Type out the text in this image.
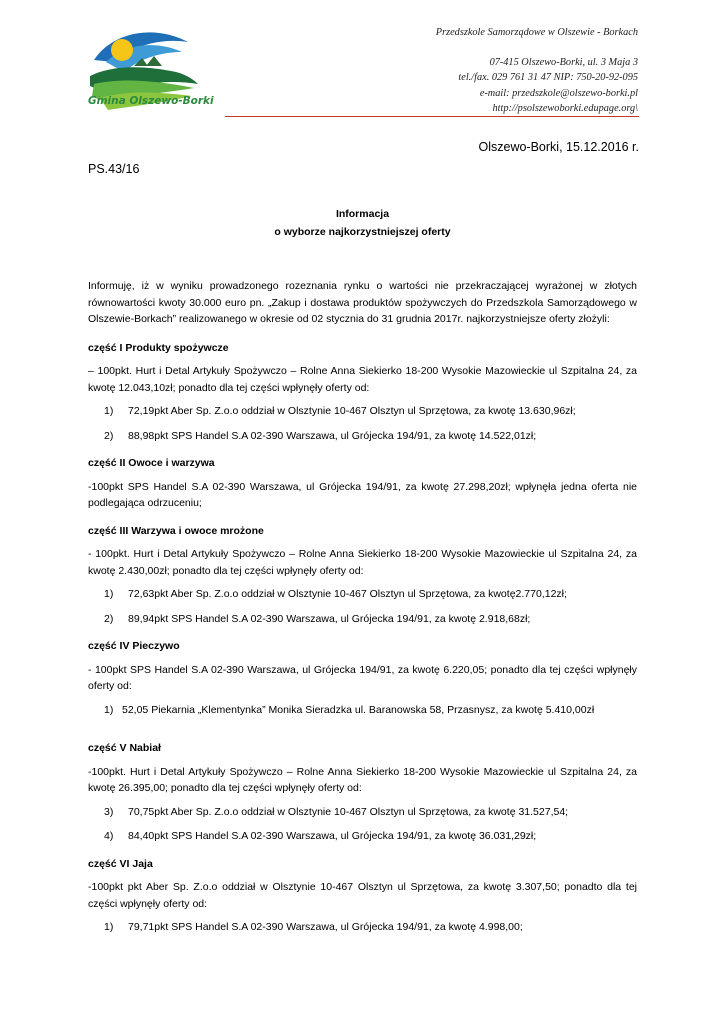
Gmina Olszewo-Borki
Przedszkole Samorządowe w Olszewie - Borkach
07-415 Olszewo-Borki, ul. 3 Maja 3
tel./fax. 029 761 31 47 NIP: 750-20-92-095
e-mail: przedszkole@olszewo-borki.pl
http://psolszewoborki.edupage.org\
Olszewo-Borki, 15.12.2016 r.
PS.43/16
Informacja
o wyborze najkorzystniejszej oferty

Informuję, iż w wyniku prowadzonego rozeznania rynku o wartości nie przekraczającej wyrażonej w złotych równowartości kwoty 30.000 euro pn. „Zakup i dostawa produktów spożywczych do Przedszkola Samorządowego w Olszewie-Borkach” realizowanego w okresie od 02 stycznia do 31 grudnia 2017r. najkorzystniejsze oferty złożyli:

część I Produkty spożywcze

– 100pkt. Hurt i Detal Artykuły Spożywczo – Rolne Anna Siekierko 18-200 Wysokie Mazowieckie ul Szpitalna 24, za kwotę 12.043,10zł; ponadto dla tej części wpłynęły oferty od:

1) 72,19pkt Aber Sp. Z.o.o oddział w Olsztynie 10-467 Olsztyn ul Sprzętowa, za kwotę 13.630,96zł;

2) 88,98pkt SPS Handel S.A 02-390 Warszawa, ul Grójecka 194/91, za kwotę 14.522,01zł;

część II Owoce i warzywa

-100pkt SPS Handel S.A 02-390 Warszawa, ul Grójecka 194/91, za kwotę 27.298,20zł; wpłynęła jedna oferta nie podlegająca odrzuceniu;

część III Warzywa i owoce mrożone

- 100pkt. Hurt i Detal Artykuły Spożywczo – Rolne Anna Siekierko 18-200 Wysokie Mazowieckie ul Szpitalna 24, za kwotę 2.430,00zł; ponadto dla tej części wpłynęły oferty od:

1) 72,63pkt Aber Sp. Z.o.o oddział w Olsztynie 10-467 Olsztyn ul Sprzętowa, za kwotę2.770,12zł;

2) 89,94pkt SPS Handel S.A 02-390 Warszawa, ul Grójecka 194/91, za kwotę 2.918,68zł;

część IV Pieczywo

- 100pkt SPS Handel S.A 02-390 Warszawa, ul Grójecka 194/91, za kwotę 6.220,05; ponadto dla tej części wpłynęły oferty od:

1) 52,05 Piekarnia „Klementynka” Monika Sieradzka ul. Baranowska 58, Przasnysz, za kwotę 5.410,00zł

część V Nabiał

-100pkt. Hurt i Detal Artykuły Spożywczo – Rolne Anna Siekierko 18-200 Wysokie Mazowieckie ul Szpitalna 24, za kwotę 26.395,00; ponadto dla tej części wpłynęły oferty od:

3) 70,75pkt Aber Sp. Z.o.o oddział w Olsztynie 10-467 Olsztyn ul Sprzętowa, za kwotę 31.527,54;

4) 84,40pkt SPS Handel S.A 02-390 Warszawa, ul Grójecka 194/91, za kwotę 36.031,29zł;

część VI Jaja

-100pkt pkt Aber Sp. Z.o.o oddział w Olsztynie 10-467 Olsztyn ul Sprzętowa, za kwotę 3.307,50; ponadto dla tej części wpłynęły oferty od:

1) 79,71pkt SPS Handel S.A 02-390 Warszawa, ul Grójecka 194/91, za kwotę 4.998,00;
